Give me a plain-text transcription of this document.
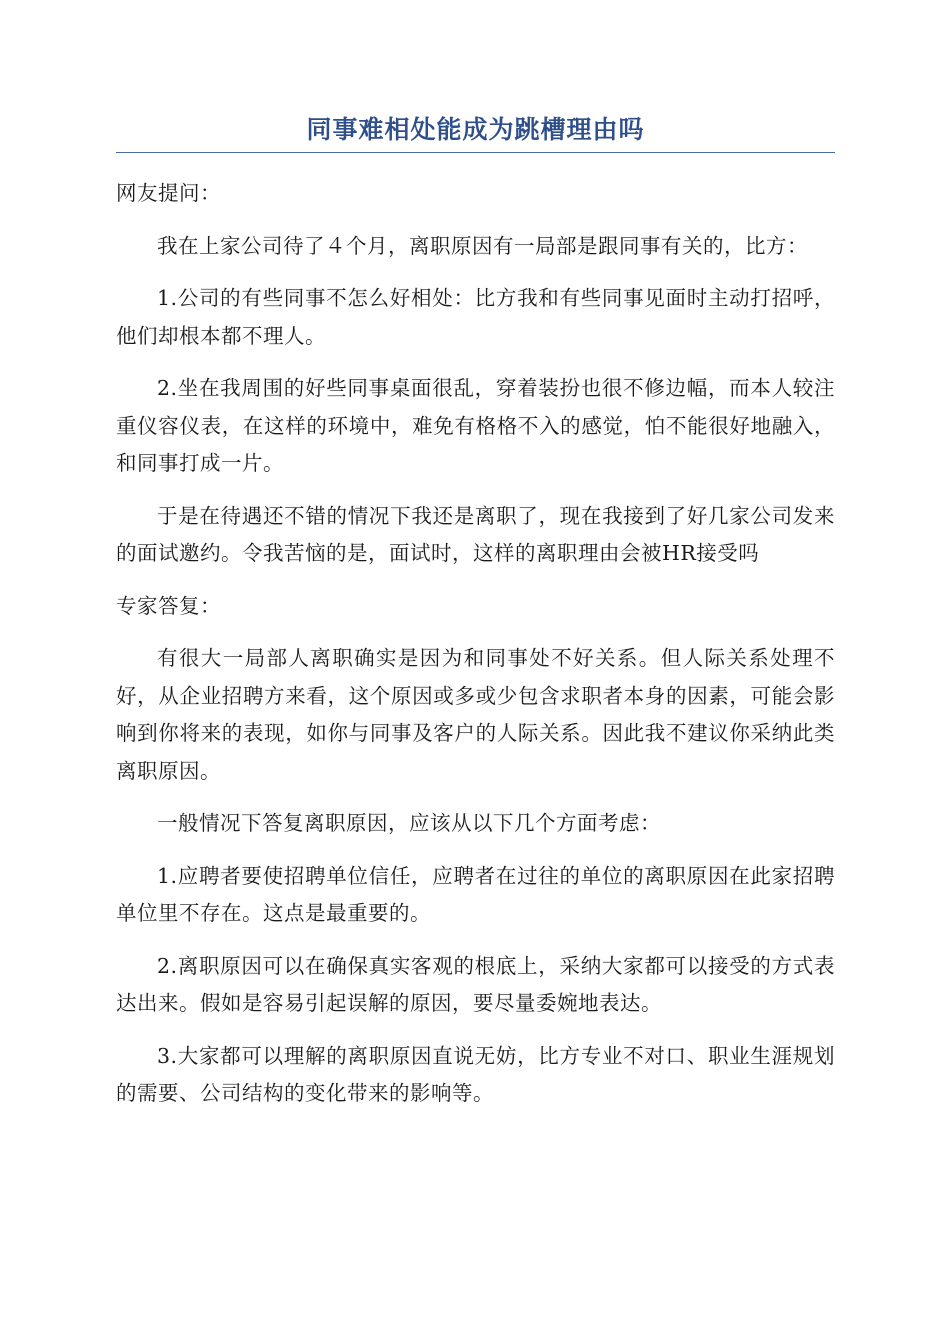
同事难相处能成为跳槽理由吗

网友提问：

我在上家公司待了４个月，离职原因有一局部是跟同事有关的，比方：

1.公司的有些同事不怎么好相处：比方我和有些同事见面时主动打招呼，他们却根本都不理人。

2.坐在我周围的好些同事桌面很乱，穿着装扮也很不修边幅，而本人较注重仪容仪表，在这样的环境中，难免有格格不入的感觉，怕不能很好地融入，和同事打成一片。

于是在待遇还不错的情况下我还是离职了，现在我接到了好几家公司发来的面试邀约。令我苦恼的是，面试时，这样的离职理由会被HR接受吗

专家答复：

有很大一局部人离职确实是因为和同事处不好关系。但人际关系处理不好，从企业招聘方来看，这个原因或多或少包含求职者本身的因素，可能会影响到你将来的表现，如你与同事及客户的人际关系。因此我不建议你采纳此类离职原因。

一般情况下答复离职原因，应该从以下几个方面考虑：

1.应聘者要使招聘单位信任，应聘者在过往的单位的离职原因在此家招聘单位里不存在。这点是最重要的。

2.离职原因可以在确保真实客观的根底上，采纳大家都可以接受的方式表达出来。假如是容易引起误解的原因，要尽量委婉地表达。

3.大家都可以理解的离职原因直说无妨，比方专业不对口、职业生涯规划的需要、公司结构的变化带来的影响等。
